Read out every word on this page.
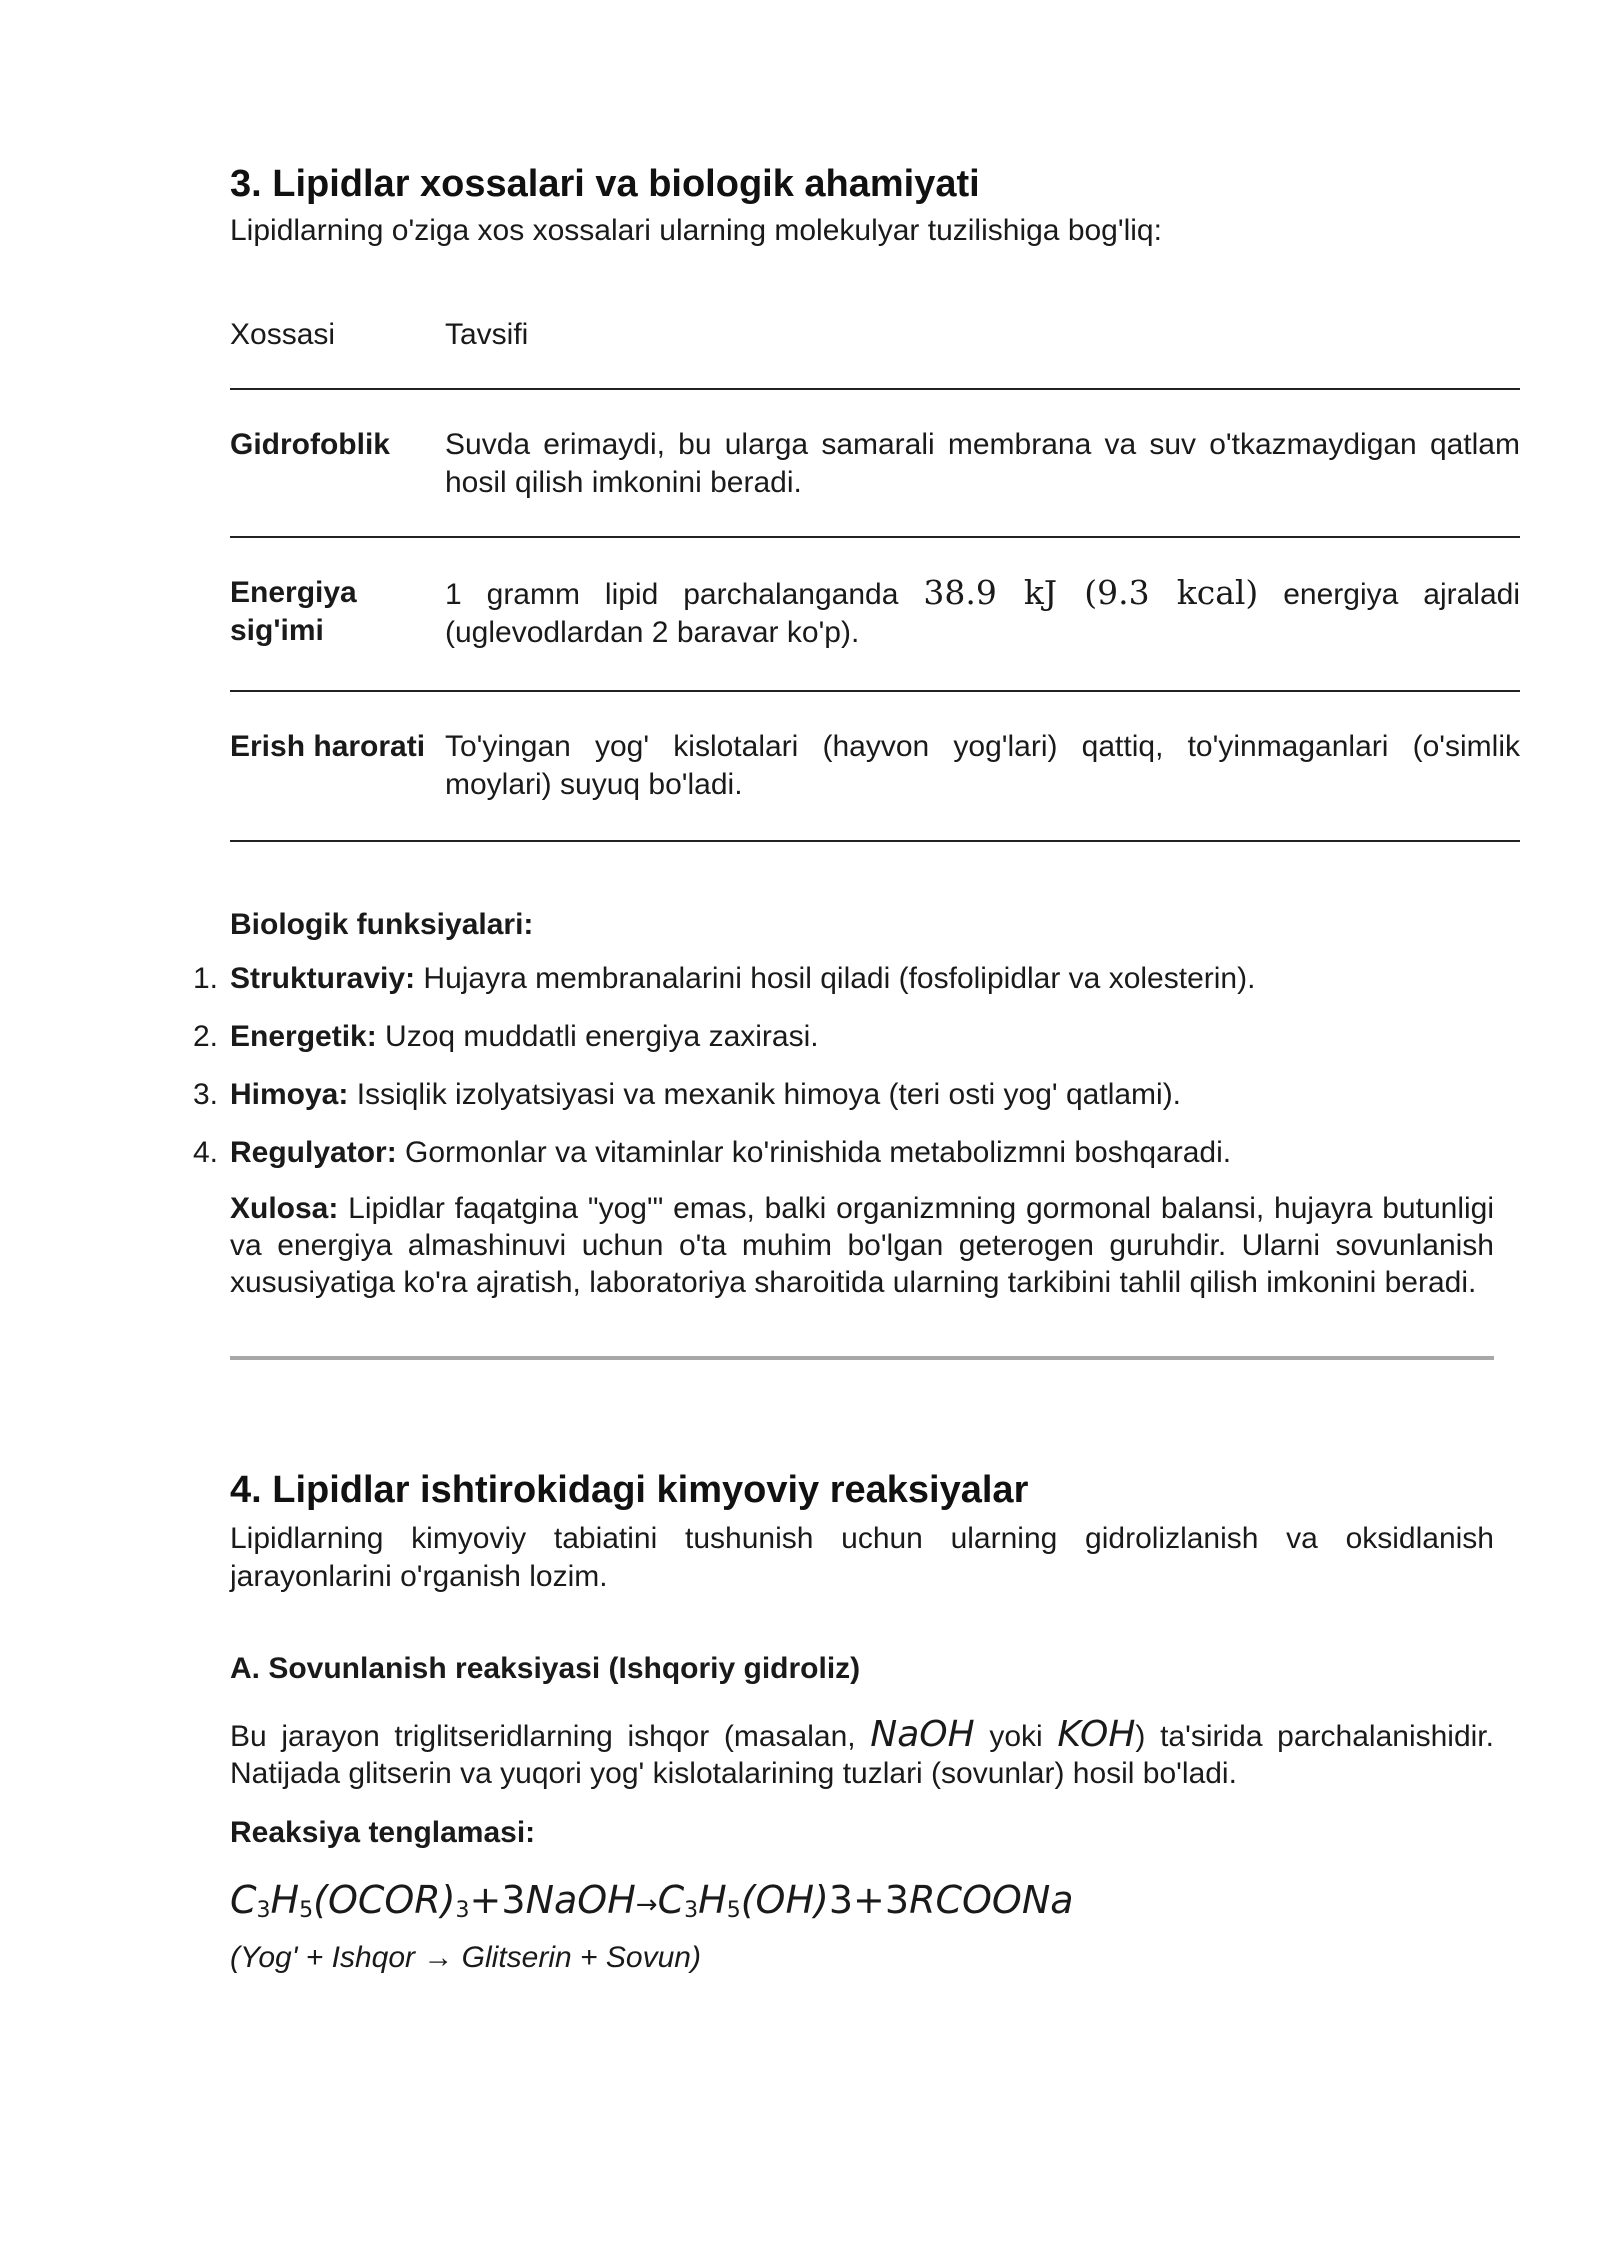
3. Lipidlar xossalari va biologik ahamiyati

Lipidlarning o'ziga xos xossalari ularning molekulyar tuzilishiga bog'liq:

Xossasi	Tavsifi
Gidrofoblik	Suvda erimaydi, bu ularga samarali membrana va suv o'tkazmaydigan qatlam hosil qilish imkonini beradi.
Energiya
sig'imi
1 gramm lipid parchalanganda 38.9 kJ (9.3 kcal) energiya ajraladi (uglevodlardan 2 baravar ko'p).
Erish harorati To'yingan yog' kislotalari (hayvon yog'lari) qattiq, to'yinmaganlari (o'simlik moylari) suyuq bo'ladi.
Biologik funksiyalari:
1. Strukturaviy: Hujayra membranalarini hosil qiladi (fosfolipidlar va xolesterin).
2. Energetik: Uzoq muddatli energiya zaxirasi.
3. Himoya: Issiqlik izolyatsiyasi va mexanik himoya (teri osti yog' qatlami).
4. Regulyator: Gormonlar va vitaminlar ko'rinishida metabolizmni boshqaradi.
Xulosa: Lipidlar faqatgina "yog'" emas, balki organizmning gormonal balansi, hujayra butunligi va energiya almashinuvi uchun o'ta muhim bo'lgan geterogen guruhdir. Ularni sovunlanish xususiyatiga ko'ra ajratish, laboratoriya sharoitida ularning tarkibini tahlil qilish imkonini beradi.
4. Lipidlar ishtirokidagi kimyoviy reaksiyalar

Lipidlarning kimyoviy tabiatini tushunish uchun ularning gidrolizlanish va oksidlanish jarayonlarini o'rganish lozim.

A. Sovunlanish reaksiyasi (Ishqoriy gidroliz)

Bu jarayon triglitseridlarning ishqor (masalan, NaOH yoki KOH) ta'sirida parchalanishidir. Natijada glitserin va yuqori yog' kislotalarining tuzlari (sovunlar) hosil bo'ladi.

Reaksiya tenglamasi:
$C_3H_5(OCOR)_3+3NaOH\to C_3H_5(OH)3+3RCOONa$
(Yog' + Ishqor → Glitserin + Sovun)
